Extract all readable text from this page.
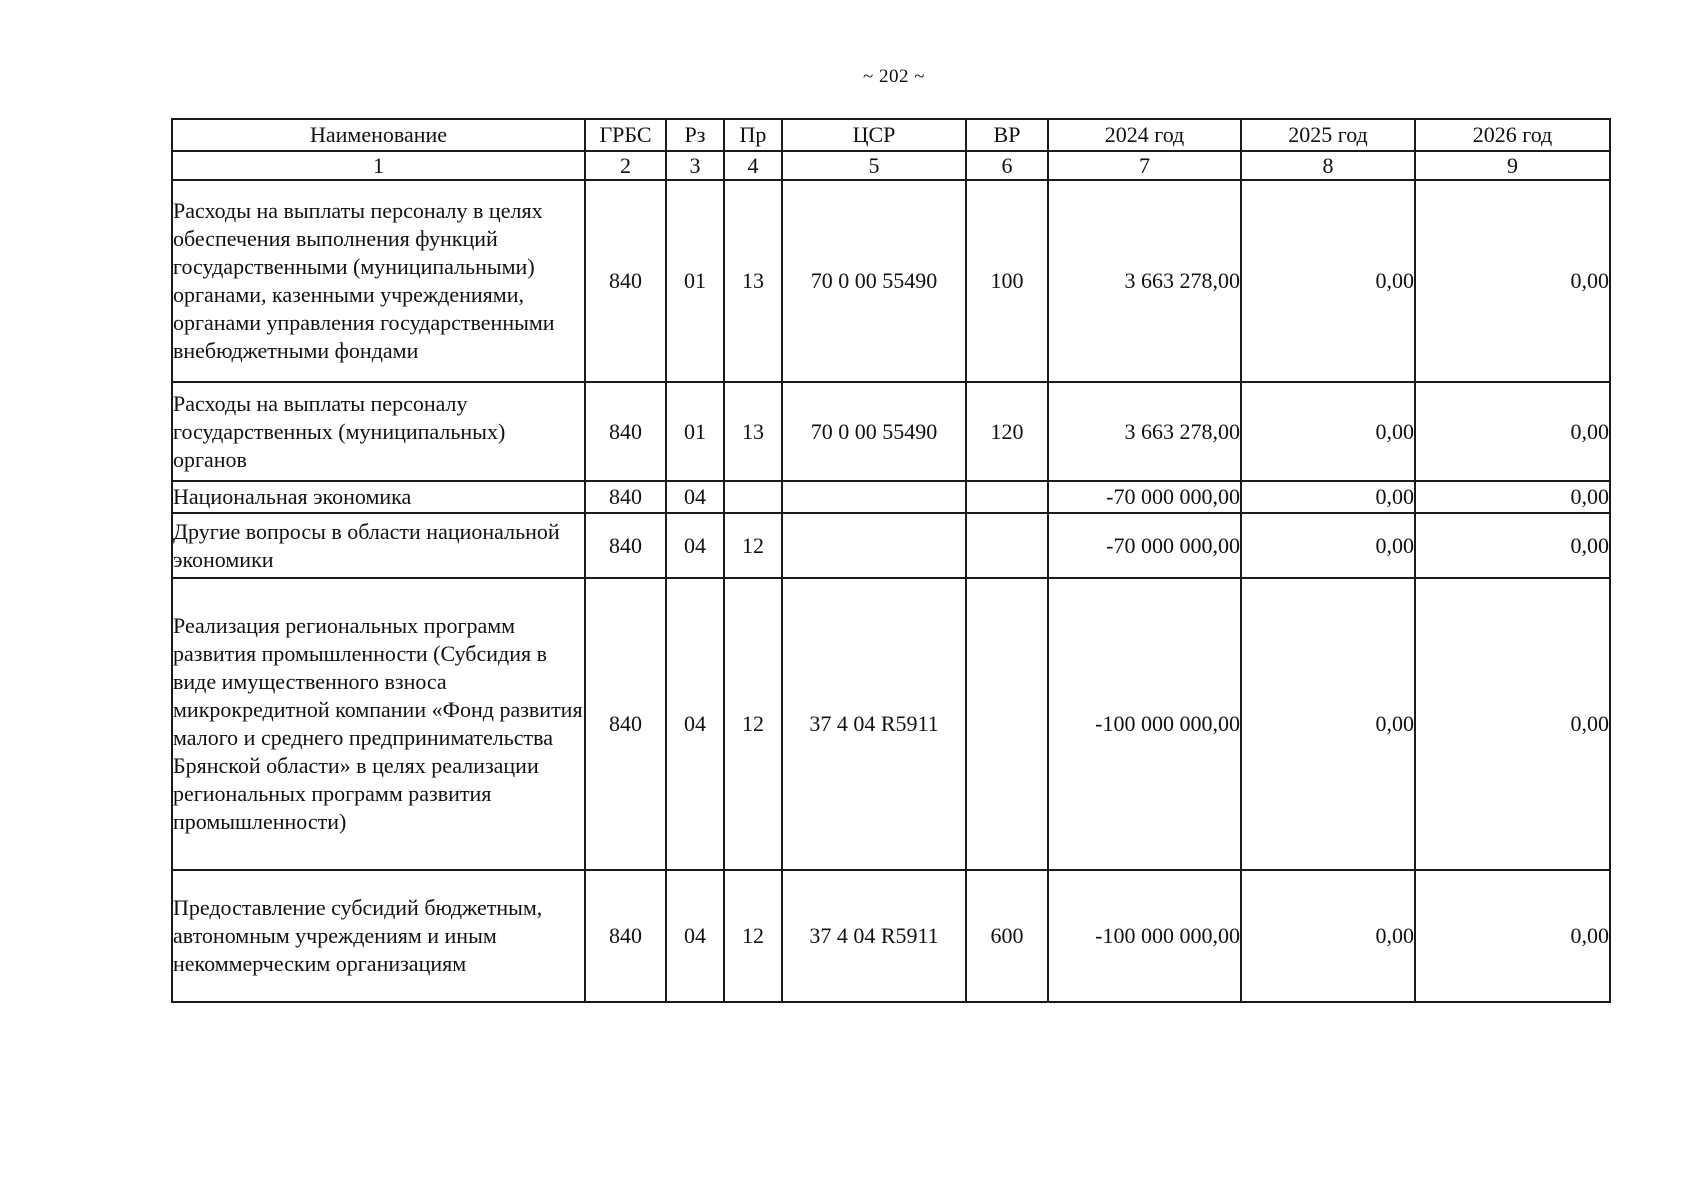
~ 202 ~
Наименование	ГРБС	Рз	Пр	ЦСР	ВР	2024 год	2025 год	2026 год
1	2	3	4	5	6	7	8	9
Расходы на выплаты персоналу в целях обеспечения выполнения функций государственными (муниципальными) органами, казенными учреждениями, органами управления государственными внебюджетными фондами	840	01	13	70 0 00 55490	100	3 663 278,00	0,00	0,00
Расходы на выплаты персоналу государственных (муниципальных) органов	840	01	13	70 0 00 55490	120	3 663 278,00	0,00	0,00
Национальная экономика	840	04				-70 000 000,00	0,00	0,00
Другие вопросы в области национальной экономики	840	04	12			-70 000 000,00	0,00	0,00
Реализация региональных программ развития промышленности (Субсидия в виде имущественного взноса микрокредитной компании «Фонд развития малого и среднего предпринимательства Брянской области» в целях реализации региональных программ развития промышленности)	840	04	12	37 4 04 R5911		-100 000 000,00	0,00	0,00
Предоставление субсидий бюджетным, автономным учреждениям и иным некоммерческим организациям	840	04	12	37 4 04 R5911	600	-100 000 000,00	0,00	0,00
